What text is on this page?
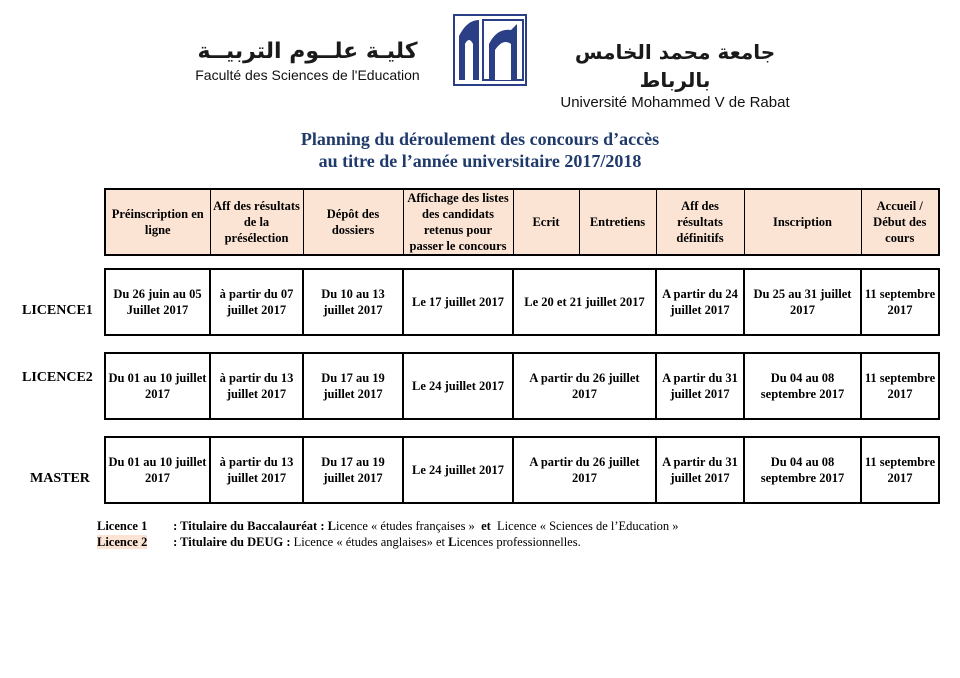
كليـة علــوم التربيــة
Faculté des Sciences de l'Education
جامعة محمد الخامس بالرباط
Université Mohammed V de Rabat
Planning du déroulement des concours d’accès
au titre de l’année universitaire 2017/2018
Préinscription en ligne	Aff des résultats de la présélection	Dépôt des dossiers	Affichage des listes des candidats retenus pour passer le concours	Ecrit	Entretiens	Aff des résultats définitifs	Inscription	Accueil / Début des cours
LICENCE1
Du 26 juin au 05 Juillet 2017	à partir du 07 juillet 2017	Du 10 au 13 juillet 2017	Le 17 juillet 2017	Le 20 et 21 juillet 2017	A partir du 24 juillet 2017	Du 25 au 31 juillet 2017	11 septembre 2017
LICENCE2 Du 01 au 10 juillet 2017	à partir du 13 juillet 2017	Du 17 au 19 juillet 2017	Le 24 juillet 2017	A partir du 26 juillet 2017	A partir du 31 juillet 2017	Du 04 au 08 septembre 2017	11 septembre 2017
MASTER
Du 01 au 10 juillet 2017	à partir du 13 juillet 2017	Du 17 au 19 juillet 2017	Le 24 juillet 2017	A partir du 26 juillet 2017	A partir du 31 juillet 2017	Du 04 au 08 septembre 2017	11 septembre 2017
Licence 1 : Titulaire du Baccalauréat : Licence « études françaises » et Licence « Sciences de l’Education »
Licence 2 : Titulaire du DEUG : Licence « études anglaises» et Licences professionnelles.
